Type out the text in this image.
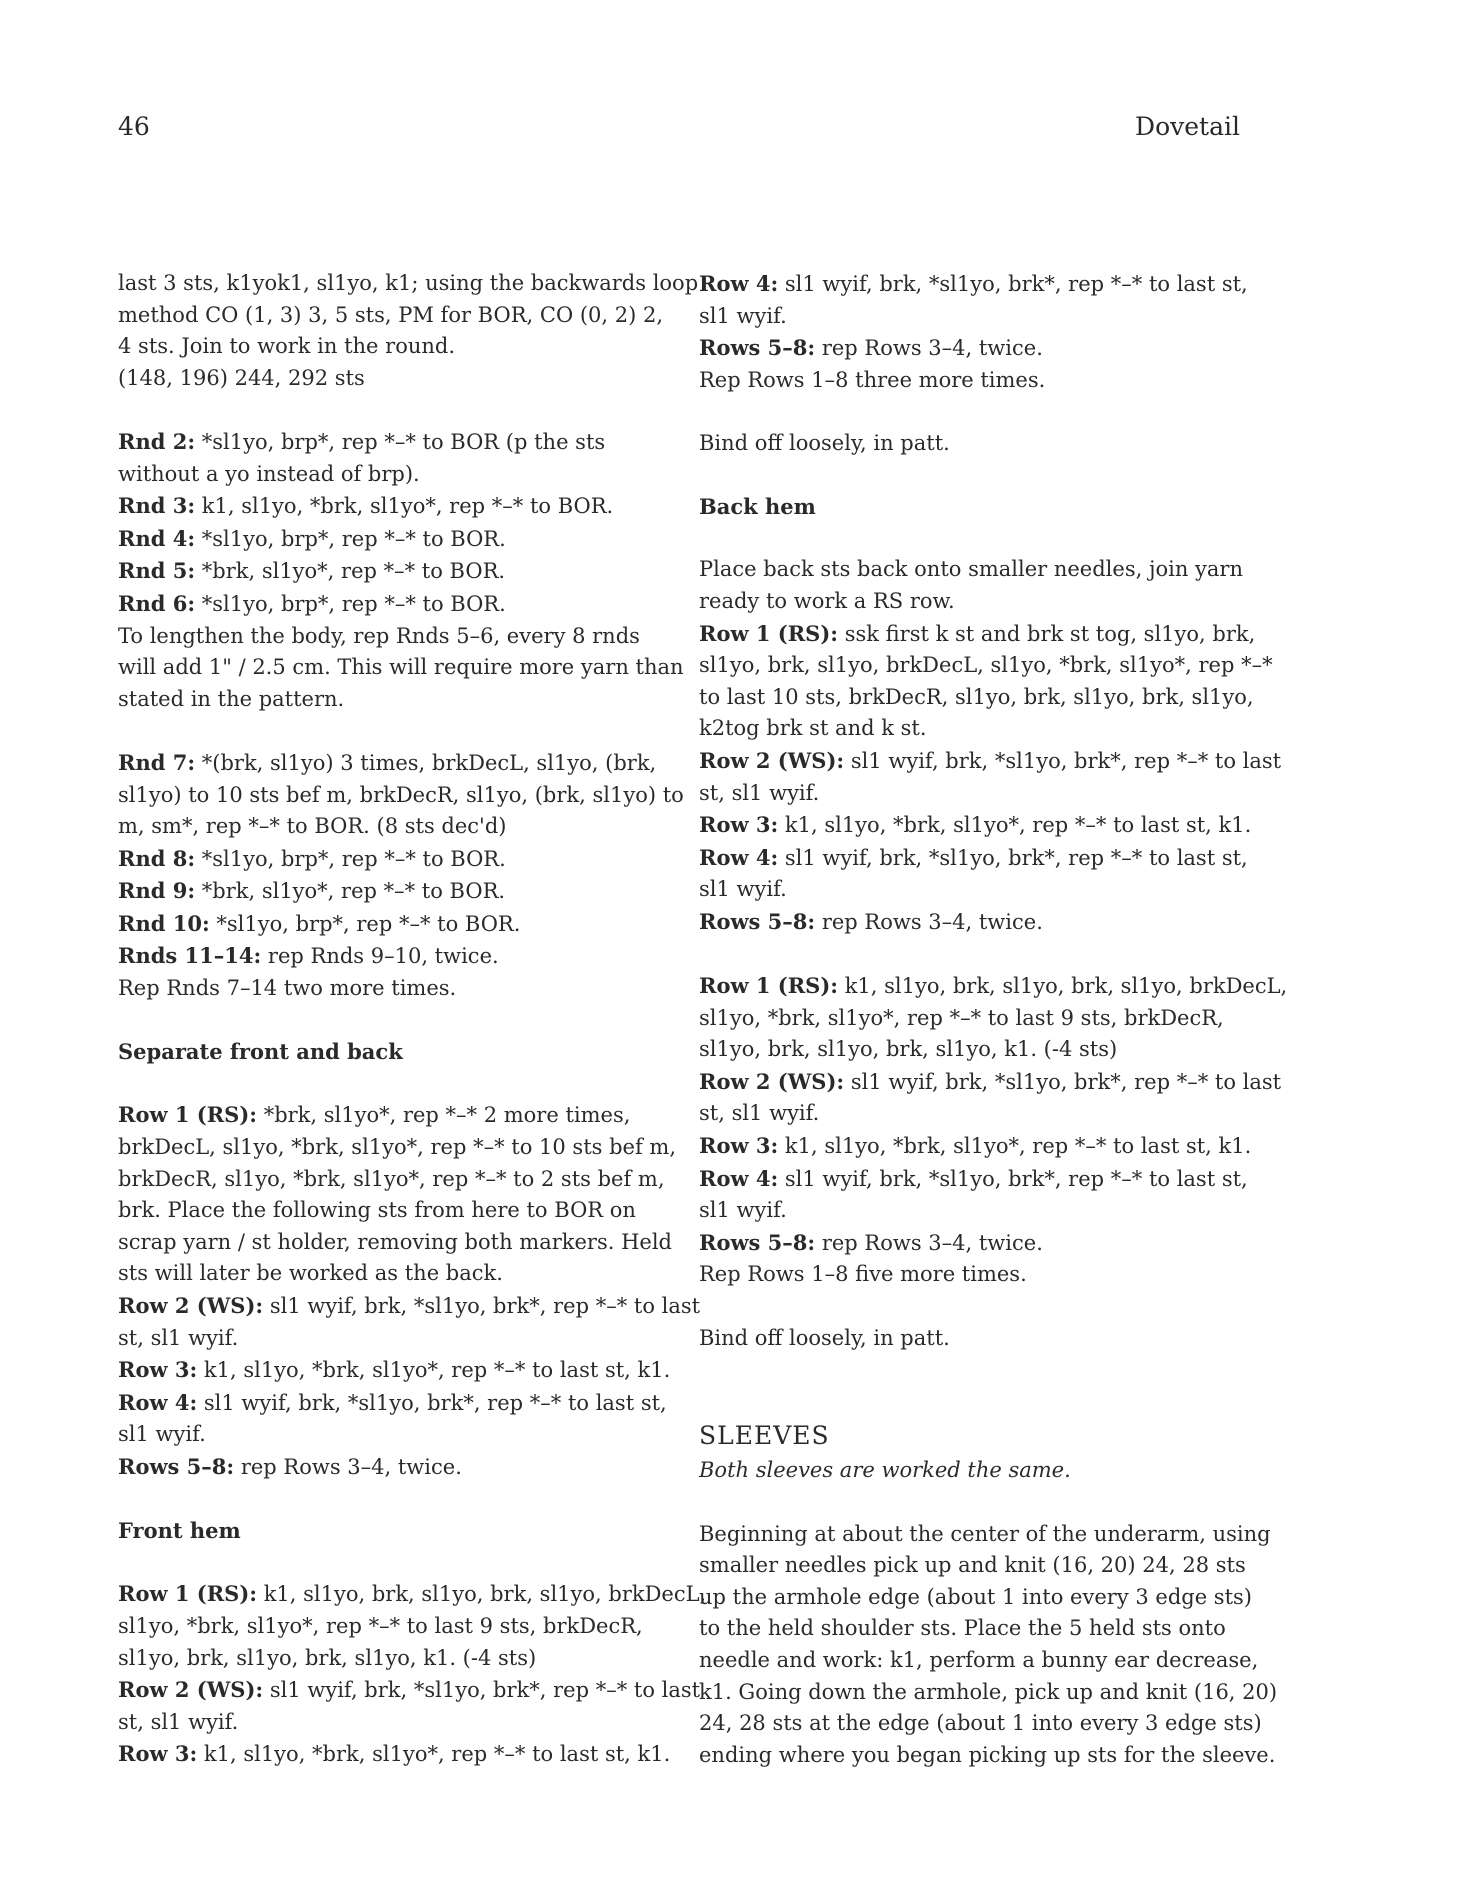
46	Dovetail
last 3 sts, k1yok1, sl1yo, k1; using the backwards loop
method CO (1, 3) 3, 5 sts, PM for BOR, CO (0, 2) 2,
4 sts. Join to work in the round.
(148, 196) 244, 292 sts
Rnd 2: *sl1yo, brp*, rep *–* to BOR (p the sts
without a yo instead of brp).
Rnd 3: k1, sl1yo, *brk, sl1yo*, rep *–* to BOR.
Rnd 4: *sl1yo, brp*, rep *–* to BOR.
Rnd 5: *brk, sl1yo*, rep *–* to BOR.
Rnd 6: *sl1yo, brp*, rep *–* to BOR.
To lengthen the body, rep Rnds 5–6, every 8 rnds
will add 1" / 2.5 cm. This will require more yarn than
stated in the pattern.
Rnd 7: *(brk, sl1yo) 3 times, brkDecL, sl1yo, (brk,
sl1yo) to 10 sts bef m, brkDecR, sl1yo, (brk, sl1yo) to
m, sm*, rep *–* to BOR. (8 sts dec'd)
Rnd 8: *sl1yo, brp*, rep *–* to BOR.
Rnd 9: *brk, sl1yo*, rep *–* to BOR.
Rnd 10: *sl1yo, brp*, rep *–* to BOR.
Rnds 11–14: rep Rnds 9–10, twice.
Rep Rnds 7–14 two more times.
Separate front and back
Row 1 (RS): *brk, sl1yo*, rep *–* 2 more times,
brkDecL, sl1yo, *brk, sl1yo*, rep *–* to 10 sts bef m,
brkDecR, sl1yo, *brk, sl1yo*, rep *–* to 2 sts bef m,
brk. Place the following sts from here to BOR on
scrap yarn / st holder, removing both markers. Held
sts will later be worked as the back.
Row 2 (WS): sl1 wyif, brk, *sl1yo, brk*, rep *–* to last
st, sl1 wyif.
Row 3: k1, sl1yo, *brk, sl1yo*, rep *–* to last st, k1.
Row 4: sl1 wyif, brk, *sl1yo, brk*, rep *–* to last st,
sl1 wyif.
Rows 5–8: rep Rows 3–4, twice.
Front hem
Row 1 (RS): k1, sl1yo, brk, sl1yo, brk, sl1yo, brkDecL,
sl1yo, *brk, sl1yo*, rep *–* to last 9 sts, brkDecR,
sl1yo, brk, sl1yo, brk, sl1yo, k1. (-4 sts)
Row 2 (WS): sl1 wyif, brk, *sl1yo, brk*, rep *–* to last
st, sl1 wyif.
Row 3: k1, sl1yo, *brk, sl1yo*, rep *–* to last st, k1.
Row 4: sl1 wyif, brk, *sl1yo, brk*, rep *–* to last st,
sl1 wyif.
Rows 5–8: rep Rows 3–4, twice.
Rep Rows 1–8 three more times.
Bind off loosely, in patt.
Back hem
Place back sts back onto smaller needles, join yarn
ready to work a RS row.
Row 1 (RS): ssk first k st and brk st tog, sl1yo, brk,
sl1yo, brk, sl1yo, brkDecL, sl1yo, *brk, sl1yo*, rep *–*
to last 10 sts, brkDecR, sl1yo, brk, sl1yo, brk, sl1yo,
k2tog brk st and k st.
Row 2 (WS): sl1 wyif, brk, *sl1yo, brk*, rep *–* to last
st, sl1 wyif.
Row 3: k1, sl1yo, *brk, sl1yo*, rep *–* to last st, k1.
Row 4: sl1 wyif, brk, *sl1yo, brk*, rep *–* to last st,
sl1 wyif.
Rows 5–8: rep Rows 3–4, twice.
Row 1 (RS): k1, sl1yo, brk, sl1yo, brk, sl1yo, brkDecL,
sl1yo, *brk, sl1yo*, rep *–* to last 9 sts, brkDecR,
sl1yo, brk, sl1yo, brk, sl1yo, k1. (-4 sts)
Row 2 (WS): sl1 wyif, brk, *sl1yo, brk*, rep *–* to last
st, sl1 wyif.
Row 3: k1, sl1yo, *brk, sl1yo*, rep *–* to last st, k1.
Row 4: sl1 wyif, brk, *sl1yo, brk*, rep *–* to last st,
sl1 wyif.
Rows 5–8: rep Rows 3–4, twice.
Rep Rows 1–8 five more times.
Bind off loosely, in patt.
SLEEVES
Both sleeves are worked the same.
Beginning at about the center of the underarm, using
smaller needles pick up and knit (16, 20) 24, 28 sts
up the armhole edge (about 1 into every 3 edge sts)
to the held shoulder sts. Place the 5 held sts onto
needle and work: k1, perform a bunny ear decrease,
k1. Going down the armhole, pick up and knit (16, 20)
24, 28 sts at the edge (about 1 into every 3 edge sts)
ending where you began picking up sts for the sleeve.
